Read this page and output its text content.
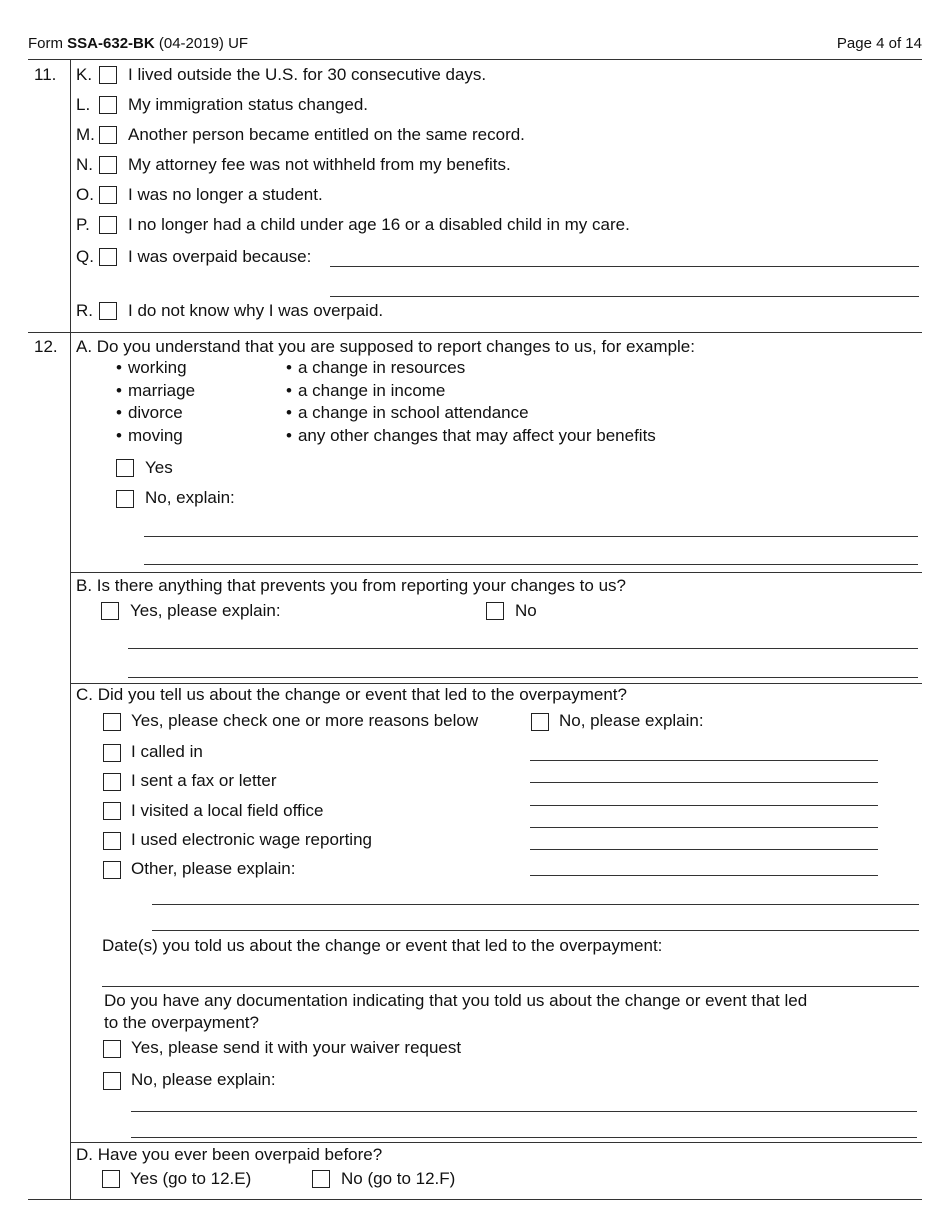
Form SSA-632-BK (04-2019) UF	Page 4 of 14
11. K. I lived outside the U.S. for 30 consecutive days.
L. My immigration status changed.
M. Another person became entitled on the same record.
N. My attorney fee was not withheld from my benefits.
O. I was no longer a student.
P. I no longer had a child under age 16 or a disabled child in my care.
Q. I was overpaid because:
R. I do not know why I was overpaid.
12. A. Do you understand that you are supposed to report changes to us, for example:
• working
• marriage
• divorce
• moving
• a change in resources
• a change in income
• a change in school attendance
• any other changes that may affect your benefits
Yes
No, explain:
B. Is there anything that prevents you from reporting your changes to us?
Yes, please explain:	No
C. Did you tell us about the change or event that led to the overpayment?
Yes, please check one or more reasons below	No, please explain:
I called in
I sent a fax or letter
I visited a local field office
I used electronic wage reporting
Other, please explain:
Date(s) you told us about the change or event that led to the overpayment:
Do you have any documentation indicating that you told us about the change or event that led
to the overpayment?
Yes, please send it with your waiver request
No, please explain:
D. Have you ever been overpaid before?
Yes (go to 12.E)	No (go to 12.F)
